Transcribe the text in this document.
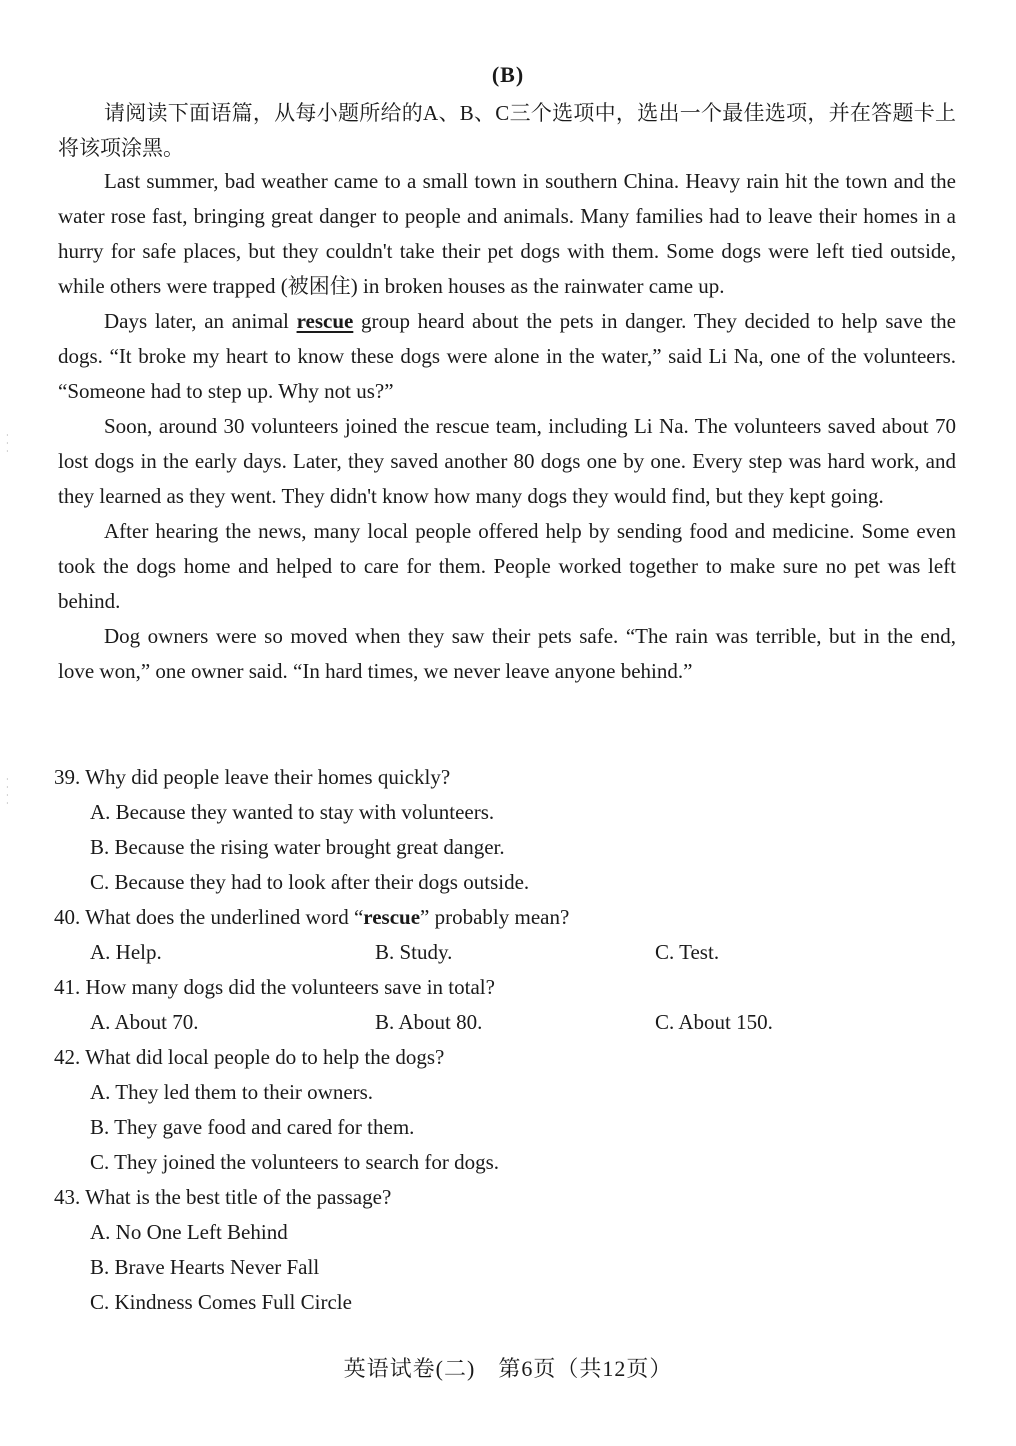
·
·
·
·
·
·
·
(B)
请阅读下面语篇，从每小题所给的A、B、C三个选项中，选出一个最佳选项，并在答题卡上将该项涂黑。

Last summer, bad weather came to a small town in southern China. Heavy rain hit the town and the water rose fast, bringing great danger to people and animals. Many families had to leave their homes in a hurry for safe places, but they couldn't take their pet dogs with them. Some dogs were left tied outside, while others were trapped (被困住) in broken houses as the rainwater came up.

Days later, an animal rescue group heard about the pets in danger. They decided to help save the dogs. “It broke my heart to know these dogs were alone in the water,” said Li Na, one of the volunteers. “Someone had to step up. Why not us?”

Soon, around 30 volunteers joined the rescue team, including Li Na. The volunteers saved about 70 lost dogs in the early days. Later, they saved another 80 dogs one by one. Every step was hard work, and they learned as they went. They didn't know how many dogs they would find, but they kept going.

After hearing the news, many local people offered help by sending food and medicine. Some even took the dogs home and helped to care for them. People worked together to make sure no pet was left behind.

Dog owners were so moved when they saw their pets safe. “The rain was terrible, but in the end, love won,” one owner said. “In hard times, we never leave anyone behind.”

39. Why did people leave their homes quickly?
A. Because they wanted to stay with volunteers.
B. Because the rising water brought great danger.
C. Because they had to look after their dogs outside.
40. What does the underlined word “rescue” probably mean?
A. Help.	B. Study.	C. Test.
41. How many dogs did the volunteers save in total?
A. About 70.	B. About 80.	C. About 150.
42. What did local people do to help the dogs?
A. They led them to their owners.
B. They gave food and cared for them.
C. They joined the volunteers to search for dogs.
43. What is the best title of the passage?
A. No One Left Behind
B. Brave Hearts Never Fall
C. Kindness Comes Full Circle
英语试卷(二)　第6页（共12页）
